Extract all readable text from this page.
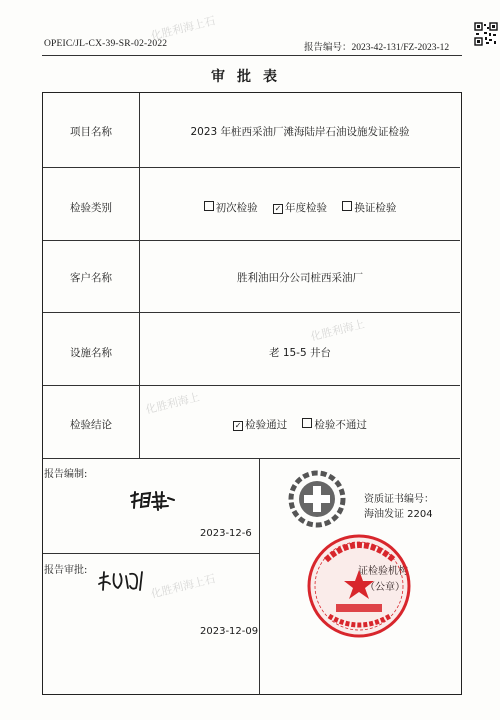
OPEIC/JL-CX-39-SR-02-2022	报告编号：2023-42-131/FZ-2023-12
审批表
化胜利海上石
化胜利海上
化胜利海上石
化胜利海上
项目名称	2023 年桩西采油厂滩海陆岸石油设施发证检验
检验类别	初次检验 ✓ 年度检验	换证检验
客户名称	胜利油田分公司桩西采油厂
设施名称	老 15-5 井台
检验结论	✓ 检验通过	检验不通过
报告编制:
2023-12-6
报告审批:
2023-12-09
资质证书编号：
海油发证 2204
